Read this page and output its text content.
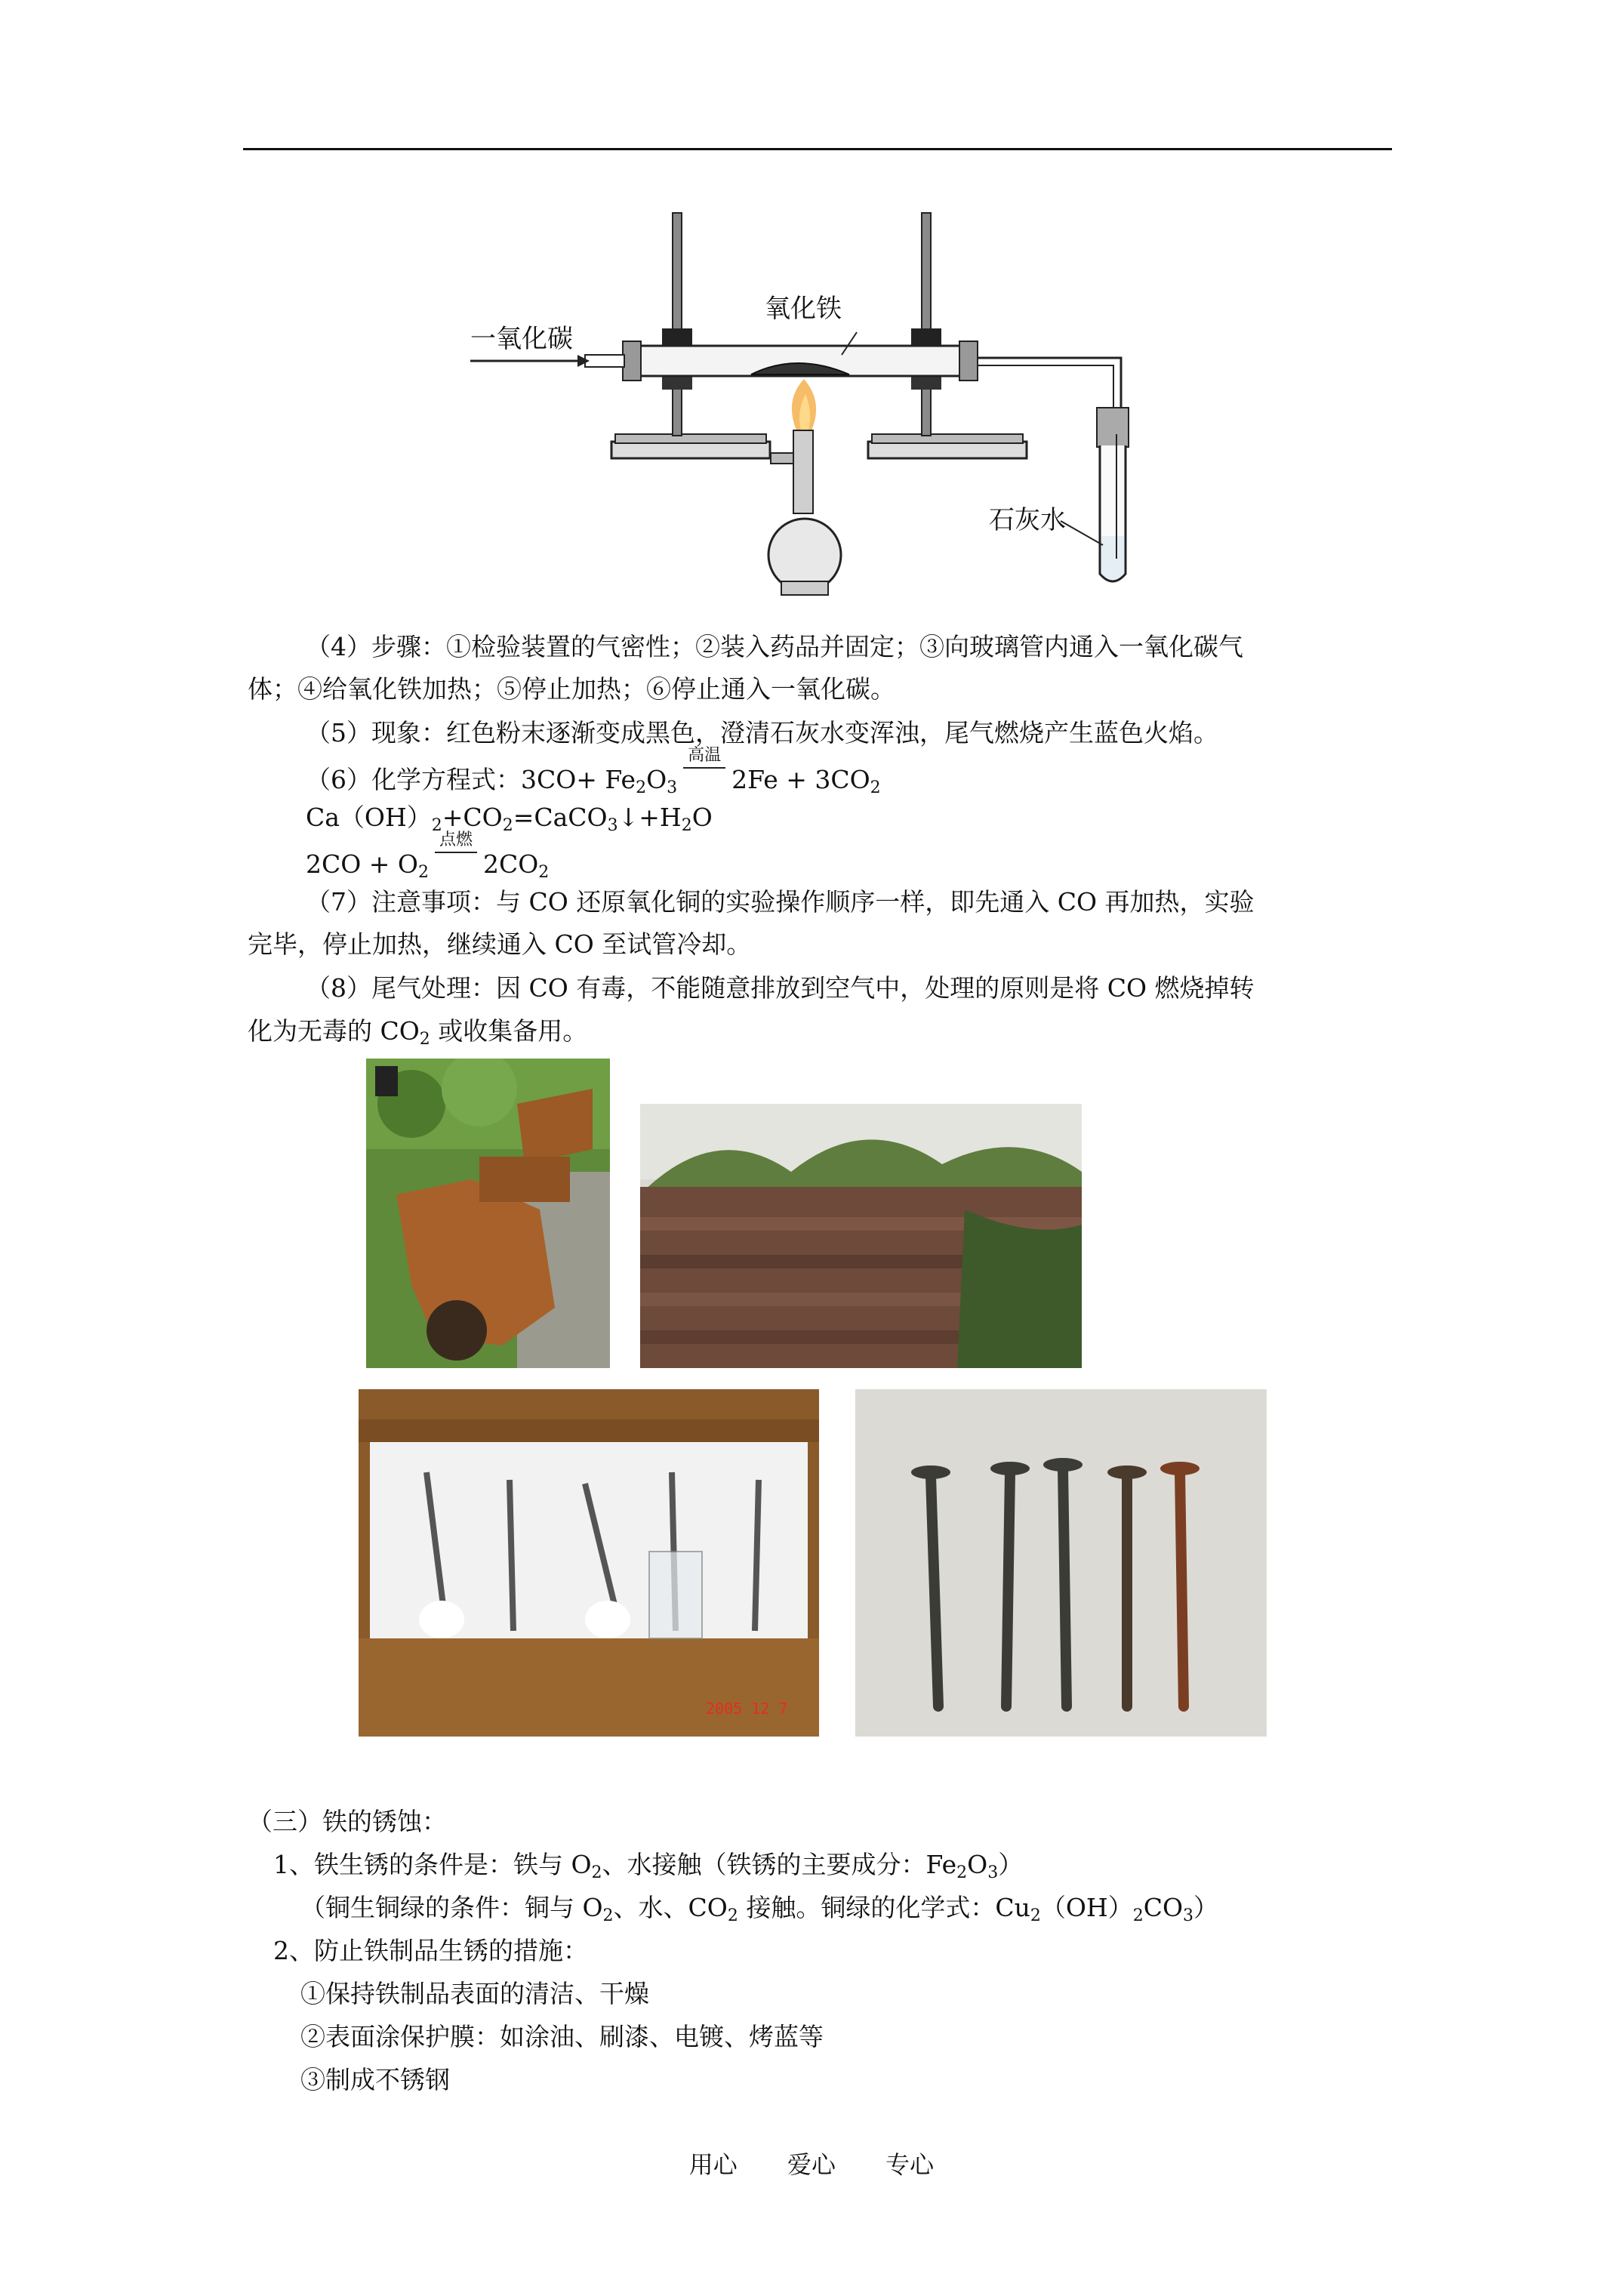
一氧化碳
氧化铁
石灰水
（4）步骤：①检验装置的气密性；②装入药品并固定；③向玻璃管内通入一氧化碳气
体；④给氧化铁加热；⑤停止加热；⑥停止通入一氧化碳。
（5）现象：红色粉末逐渐变成黑色，澄清石灰水变浑浊，尾气燃烧产生蓝色火焰。
（6）化学方程式：$3CO+ Fe_2O_3$
高温
$2Fe + 3CO_2$
$Ca(OH)_2+CO_2=CaCO_3↓+H_2O$
$2CO + O_2$
点燃
$2CO_2$
（7）注意事项：与 CO 还原氧化铜的实验操作顺序一样，即先通入 CO 再加热，实验
完毕，停止加热，继续通入 CO 至试管冷却。
（8）尾气处理：因 CO 有毒，不能随意排放到空气中，处理的原则是将 CO 燃烧掉转
化为无毒的 $CO_2$ 或收集备用。
2005 12 7
（三）铁的锈蚀：
1、铁生锈的条件是：铁与 $O_2$、水接触（铁锈的主要成分：$Fe_2O_3$）
（铜生铜绿的条件：铜与 $O_2$、水、$CO_2$ 接触。铜绿的化学式：$Cu_2(OH)_2CO_3$）
2、防止铁制品生锈的措施：
①保持铁制品表面的清洁、干燥
②表面涂保护膜：如涂油、刷漆、电镀、烤蓝等
③制成不锈钢
用心 爱心 专心
